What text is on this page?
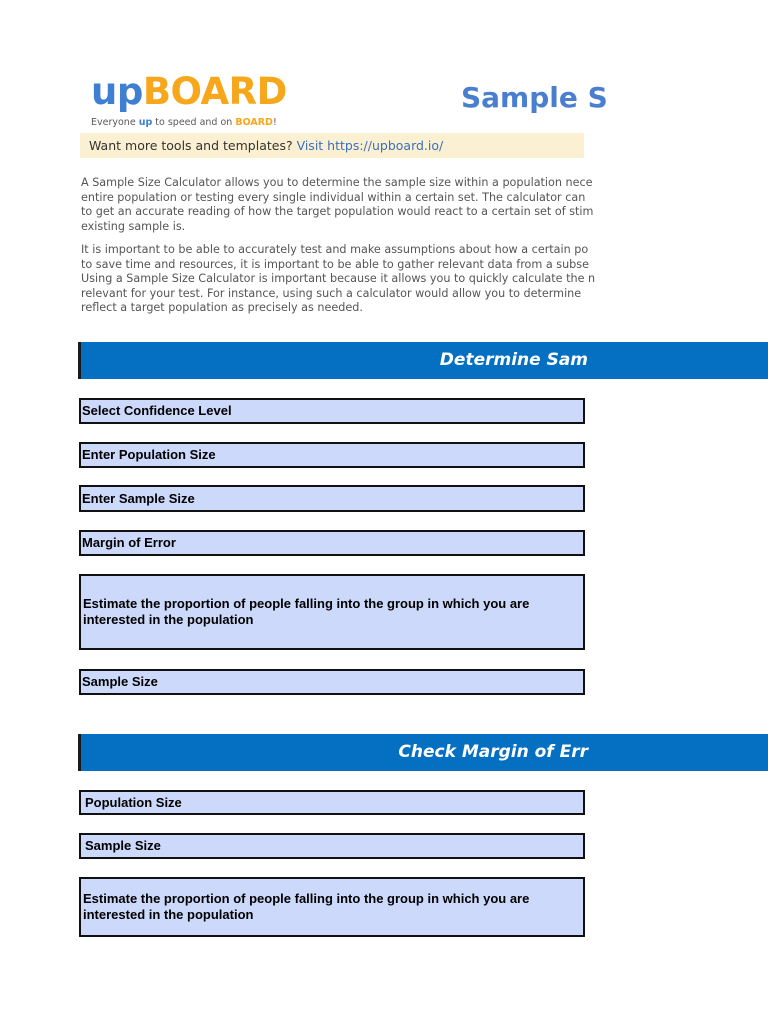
upBOARD
Everyone up to speed and on BOARD!
Sample S
Want more tools and templates? Visit https://upboard.io/
A Sample Size Calculator allows you to determine the sample size within a population nece
entire population or testing every single individual within a certain set. The calculator can
to get an accurate reading of how the target population would react to a certain set of stim
existing sample is.
It is important to be able to accurately test and make assumptions about how a certain po
to save time and resources, it is important to be able to gather relevant data from a subse
Using a Sample Size Calculator is important because it allows you to quickly calculate the n
relevant for your test. For instance, using such a calculator would allow you to determine
reflect a target population as precisely as needed.
Determine Sam
Select Confidence Level
Enter Population Size
Enter Sample Size
Margin of Error
Estimate the proportion of people falling into the group in which you are
interested in the population
Sample Size
Check Margin of Err
Population Size
Sample Size
Estimate the proportion of people falling into the group in which you are
interested in the population
